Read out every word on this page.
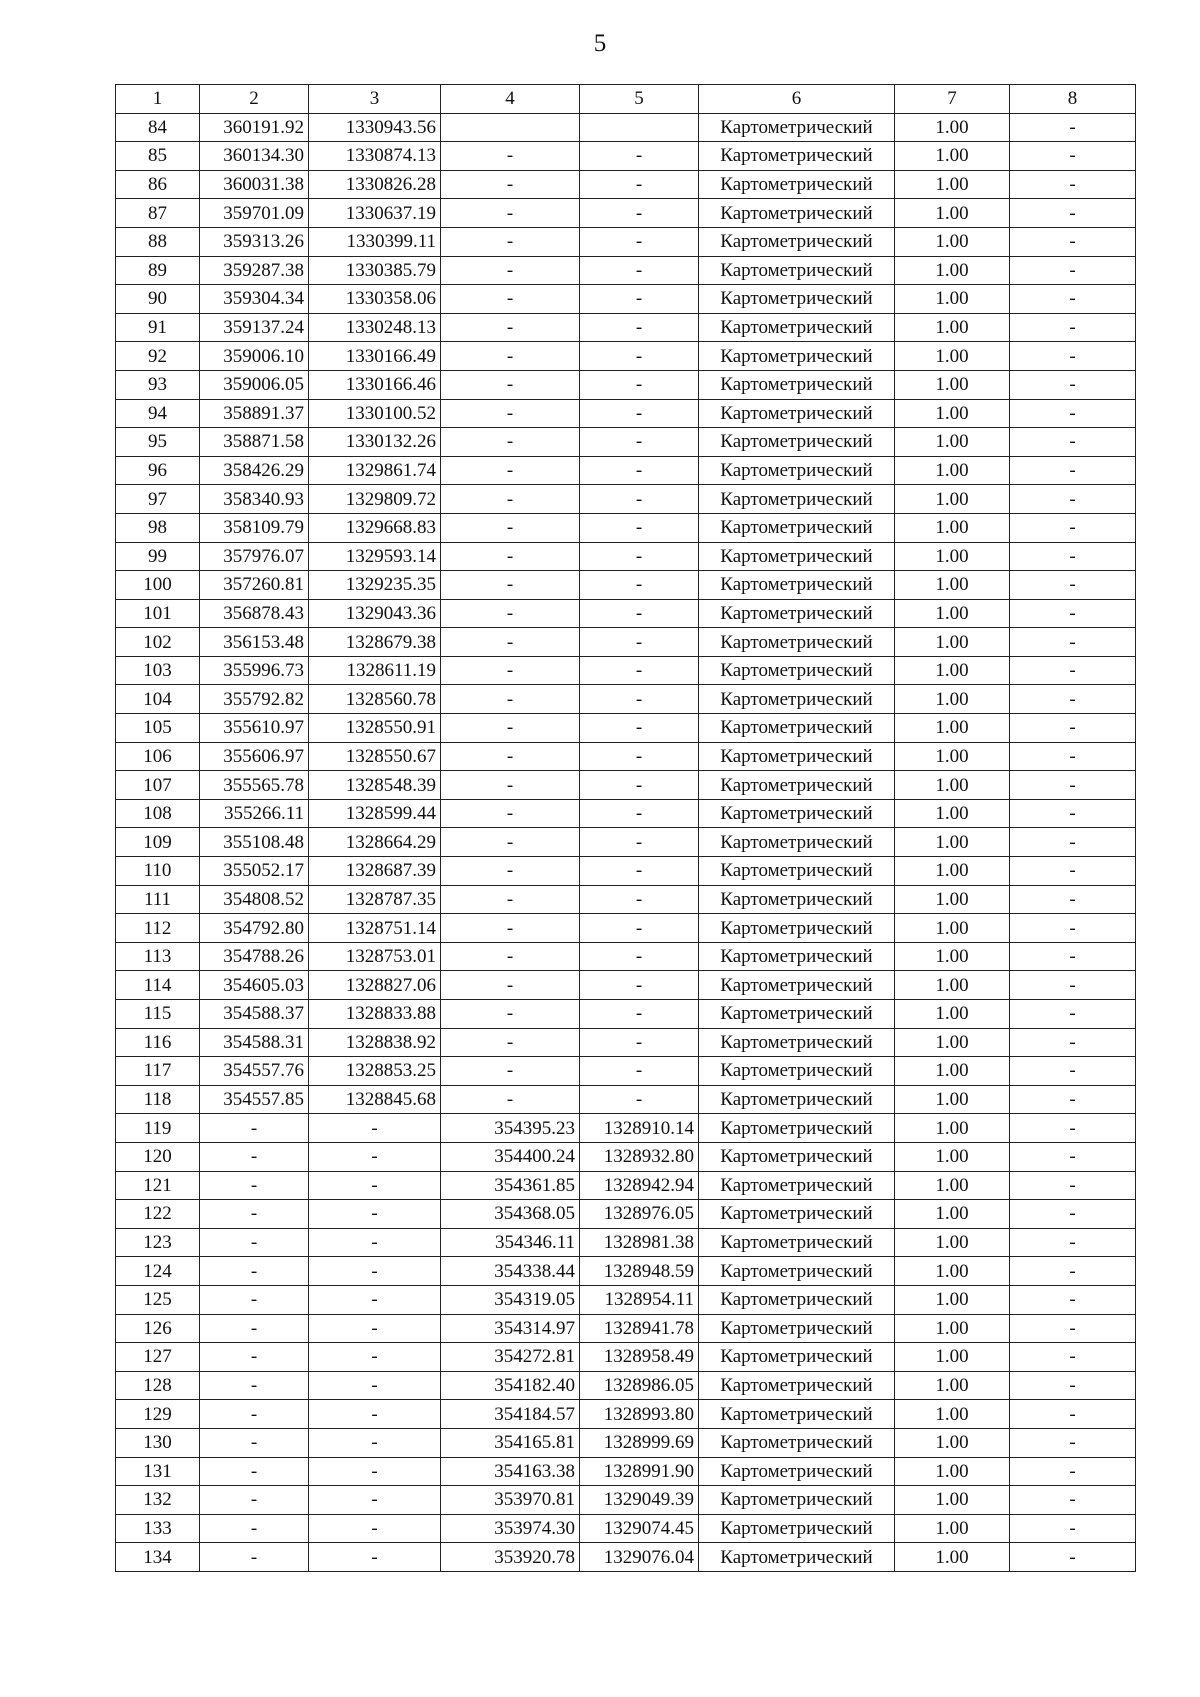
5
1	2	3	4	5	6	7	8
84	360191.92	1330943.56			Картометрический	1.00	-
85	360134.30	1330874.13	-	-	Картометрический	1.00	-
86	360031.38	1330826.28	-	-	Картометрический	1.00	-
87	359701.09	1330637.19	-	-	Картометрический	1.00	-
88	359313.26	1330399.11	-	-	Картометрический	1.00	-
89	359287.38	1330385.79	-	-	Картометрический	1.00	-
90	359304.34	1330358.06	-	-	Картометрический	1.00	-
91	359137.24	1330248.13	-	-	Картометрический	1.00	-
92	359006.10	1330166.49	-	-	Картометрический	1.00	-
93	359006.05	1330166.46	-	-	Картометрический	1.00	-
94	358891.37	1330100.52	-	-	Картометрический	1.00	-
95	358871.58	1330132.26	-	-	Картометрический	1.00	-
96	358426.29	1329861.74	-	-	Картометрический	1.00	-
97	358340.93	1329809.72	-	-	Картометрический	1.00	-
98	358109.79	1329668.83	-	-	Картометрический	1.00	-
99	357976.07	1329593.14	-	-	Картометрический	1.00	-
100	357260.81	1329235.35	-	-	Картометрический	1.00	-
101	356878.43	1329043.36	-	-	Картометрический	1.00	-
102	356153.48	1328679.38	-	-	Картометрический	1.00	-
103	355996.73	1328611.19	-	-	Картометрический	1.00	-
104	355792.82	1328560.78	-	-	Картометрический	1.00	-
105	355610.97	1328550.91	-	-	Картометрический	1.00	-
106	355606.97	1328550.67	-	-	Картометрический	1.00	-
107	355565.78	1328548.39	-	-	Картометрический	1.00	-
108	355266.11	1328599.44	-	-	Картометрический	1.00	-
109	355108.48	1328664.29	-	-	Картометрический	1.00	-
110	355052.17	1328687.39	-	-	Картометрический	1.00	-
111	354808.52	1328787.35	-	-	Картометрический	1.00	-
112	354792.80	1328751.14	-	-	Картометрический	1.00	-
113	354788.26	1328753.01	-	-	Картометрический	1.00	-
114	354605.03	1328827.06	-	-	Картометрический	1.00	-
115	354588.37	1328833.88	-	-	Картометрический	1.00	-
116	354588.31	1328838.92	-	-	Картометрический	1.00	-
117	354557.76	1328853.25	-	-	Картометрический	1.00	-
118	354557.85	1328845.68	-	-	Картометрический	1.00	-
119	-	-	354395.23	1328910.14	Картометрический	1.00	-
120	-	-	354400.24	1328932.80	Картометрический	1.00	-
121	-	-	354361.85	1328942.94	Картометрический	1.00	-
122	-	-	354368.05	1328976.05	Картометрический	1.00	-
123	-	-	354346.11	1328981.38	Картометрический	1.00	-
124	-	-	354338.44	1328948.59	Картометрический	1.00	-
125	-	-	354319.05	1328954.11	Картометрический	1.00	-
126	-	-	354314.97	1328941.78	Картометрический	1.00	-
127	-	-	354272.81	1328958.49	Картометрический	1.00	-
128	-	-	354182.40	1328986.05	Картометрический	1.00	-
129	-	-	354184.57	1328993.80	Картометрический	1.00	-
130	-	-	354165.81	1328999.69	Картометрический	1.00	-
131	-	-	354163.38	1328991.90	Картометрический	1.00	-
132	-	-	353970.81	1329049.39	Картометрический	1.00	-
133	-	-	353974.30	1329074.45	Картометрический	1.00	-
134	-	-	353920.78	1329076.04	Картометрический	1.00	-
